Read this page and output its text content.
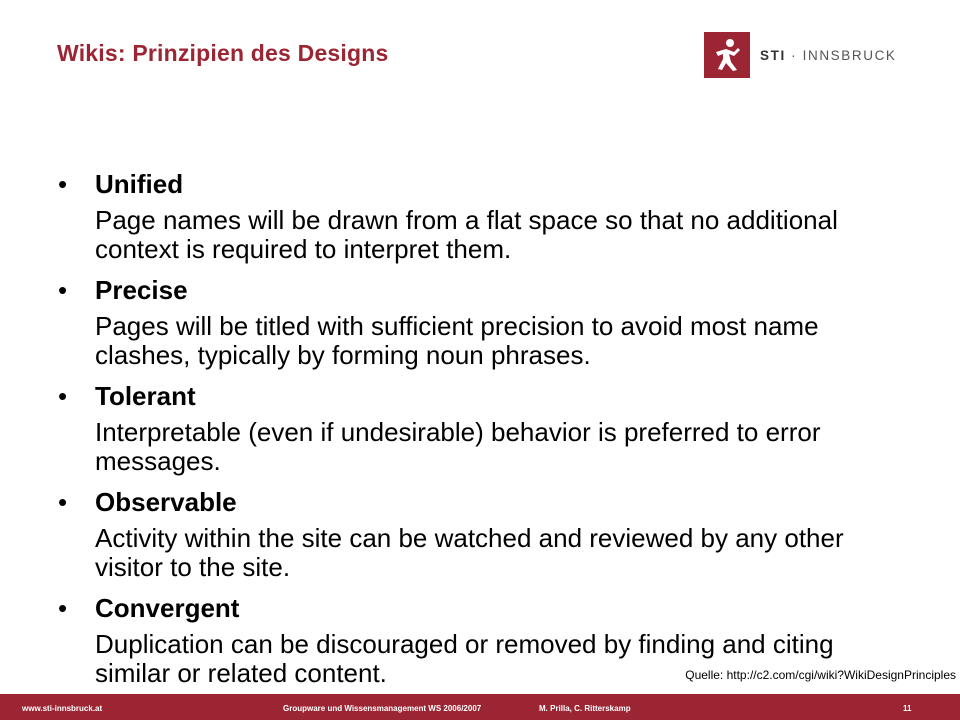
Wikis: Prinzipien des Designs	STI · INNSBRUCK
• Unified
Page names will be drawn from a flat space so that no additional context is required to interpret them.
• Precise
Pages will be titled with sufficient precision to avoid most name clashes, typically by forming noun phrases.
• Tolerant
Interpretable (even if undesirable) behavior is preferred to error messages.
• Observable
Activity within the site can be watched and reviewed by any other visitor to the site.
• Convergent
Duplication can be discouraged or removed by finding and citing similar or related content.	Quelle: http://c2.com/cgi/wiki?WikiDesignPrinciples
www.sti-innsbruck.at	Groupware und Wissensmanagement WS 2006/2007	M. Prilla, C. Ritterskamp	11
